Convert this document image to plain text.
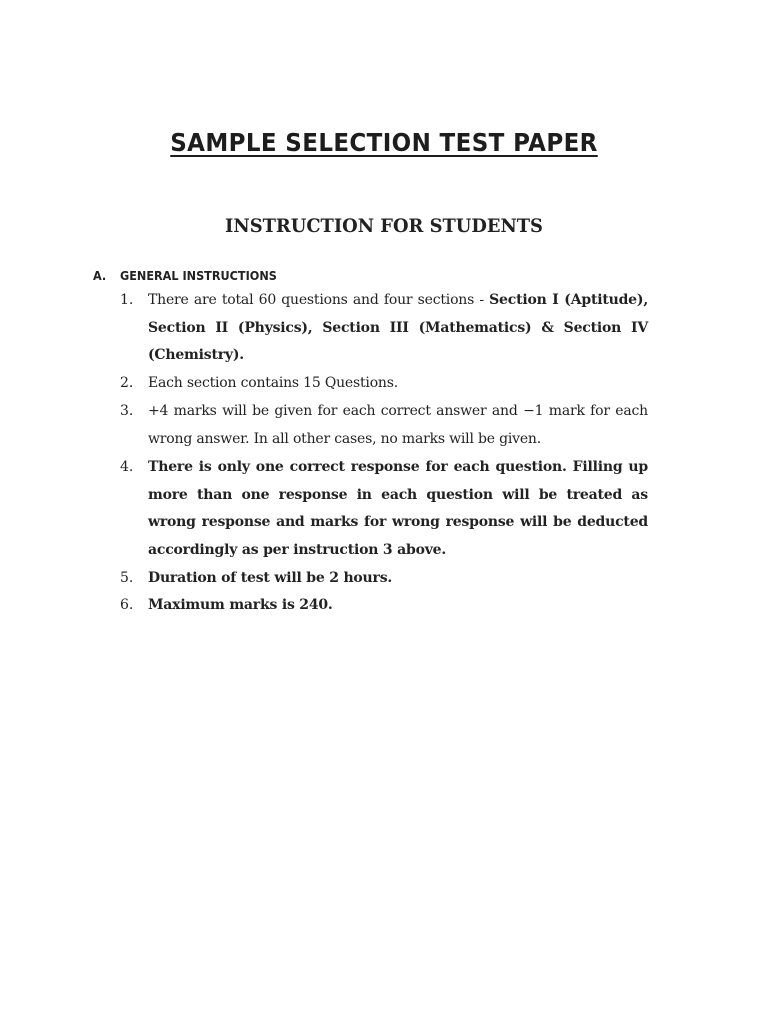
SAMPLE SELECTION TEST PAPER
INSTRUCTION FOR STUDENTS
A. GENERAL INSTRUCTIONS
1. There are total 60 questions and four sections - Section I (Aptitude), Section II (Physics), Section III (Mathematics) & Section IV (Chemistry).
2. Each section contains 15 Questions.
3. +4 marks will be given for each correct answer and −1 mark for each wrong answer. In all other cases, no marks will be given.
4. There is only one correct response for each question. Filling up more than one response in each question will be treated as wrong response and marks for wrong response will be deducted accordingly as per instruction 3 above.
5. Duration of test will be 2 hours.
6. Maximum marks is 240.
